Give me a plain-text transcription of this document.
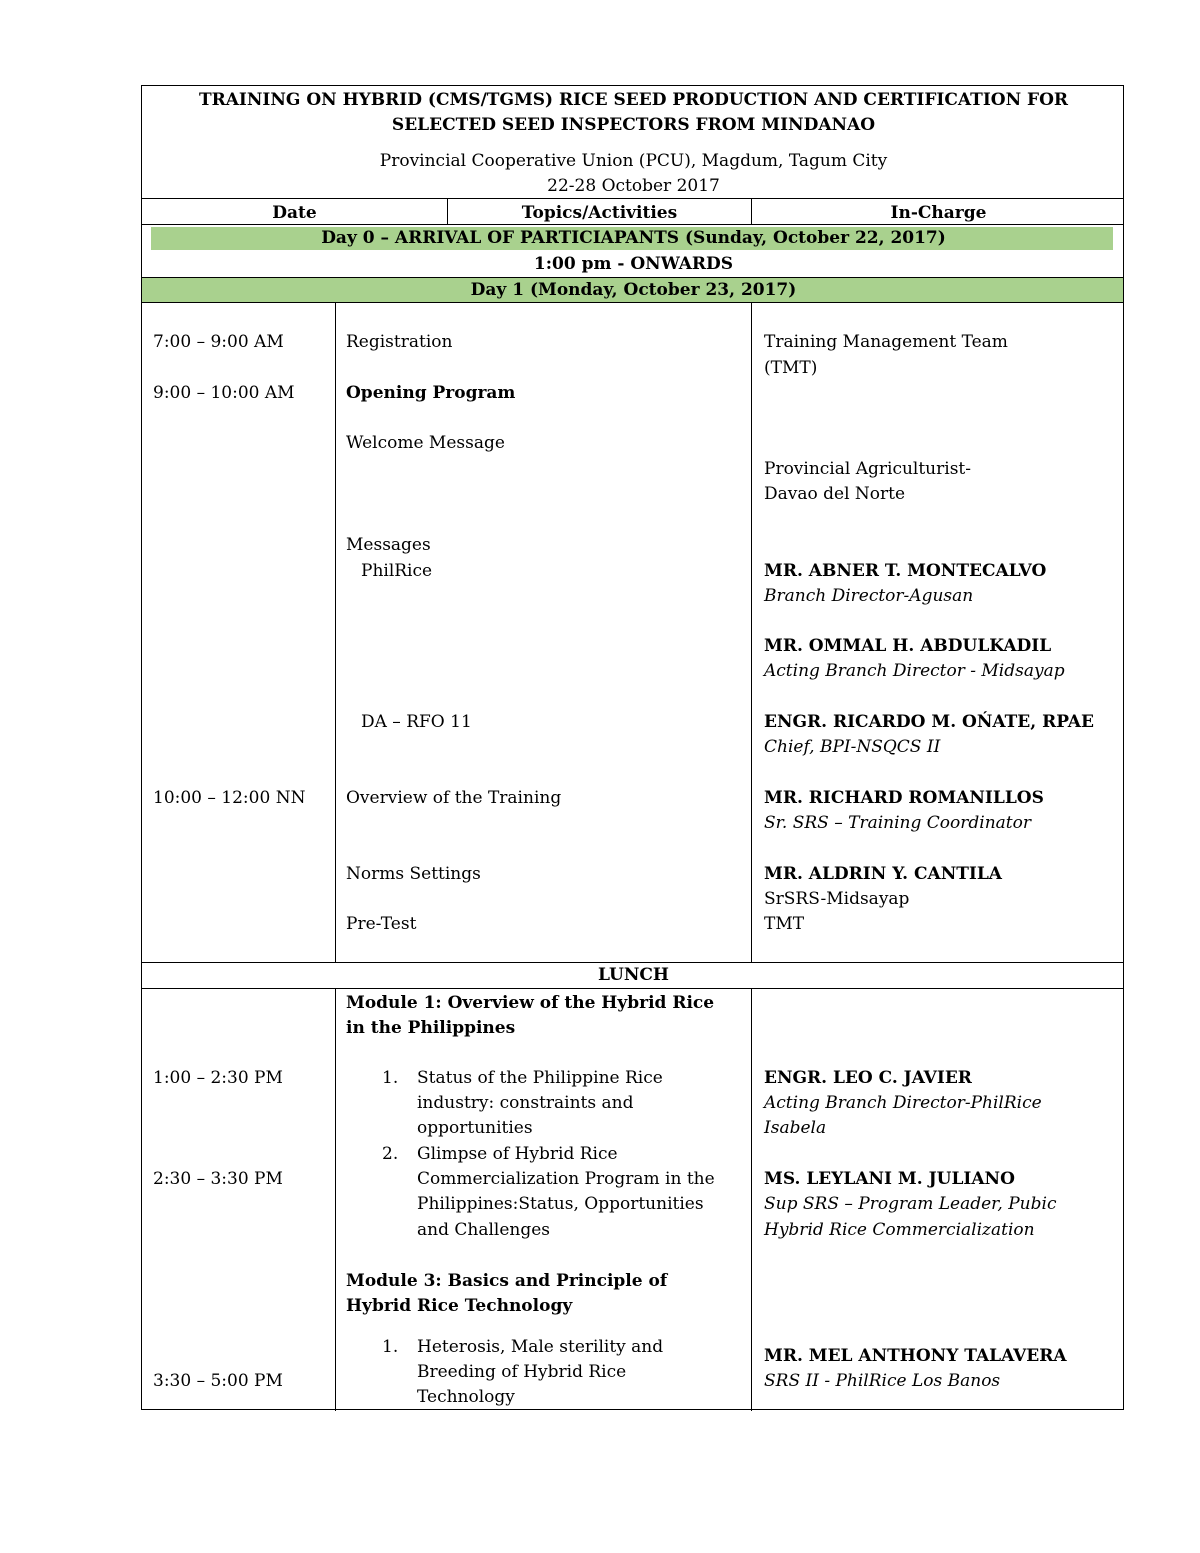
TRAINING ON HYBRID (CMS/TGMS) RICE SEED PRODUCTION AND CERTIFICATION FOR
SELECTED SEED INSPECTORS FROM MINDANAO
Provincial Cooperative Union (PCU), Magdum, Tagum City
22-28 October 2017
Date	Topics/Activities	In-Charge
Day 0 – ARRIVAL OF PARTICIAPANTS (Sunday, October 22, 2017)
1:00 pm - ONWARDS
Day 1 (Monday, October 23, 2017)
7:00 – 9:00 AM
9:00 – 10:00 AM
10:00 – 12:00 NN
Registration
Opening Program
Welcome Message
Messages
PhilRice
DA – RFO 11
Overview of the Training
Norms Settings
Pre-Test
Training Management Team
(TMT)
Provincial Agriculturist-
Davao del Norte
MR. ABNER T. MONTECALVO
Branch Director-Agusan
MR. OMMAL H. ABDULKADIL
Acting Branch Director - Midsayap
ENGR. RICARDO M. OŃATE, RPAE
Chief, BPI-NSQCS II
MR. RICHARD ROMANILLOS
Sr. SRS – Training Coordinator
MR. ALDRIN Y. CANTILA
SrSRS-Midsayap
TMT
LUNCH
1:00 – 2:30 PM
2:30 – 3:30 PM
3:30 – 5:00 PM
Module 1: Overview of the Hybrid Rice
in the Philippines
1. Status of the Philippine Rice
industry: constraints and
opportunities
2. Glimpse of Hybrid Rice
Commercialization Program in the
Philippines:Status, Opportunities
and Challenges
Module 3: Basics and Principle of
Hybrid Rice Technology
1. Heterosis, Male sterility and
Breeding of Hybrid Rice
Technology
ENGR. LEO C. JAVIER
Acting Branch Director-PhilRice
Isabela
MS. LEYLANI M. JULIANO
Sup SRS – Program Leader, Pubic
Hybrid Rice Commercialization
MR. MEL ANTHONY TALAVERA
SRS II - PhilRice Los Banos
